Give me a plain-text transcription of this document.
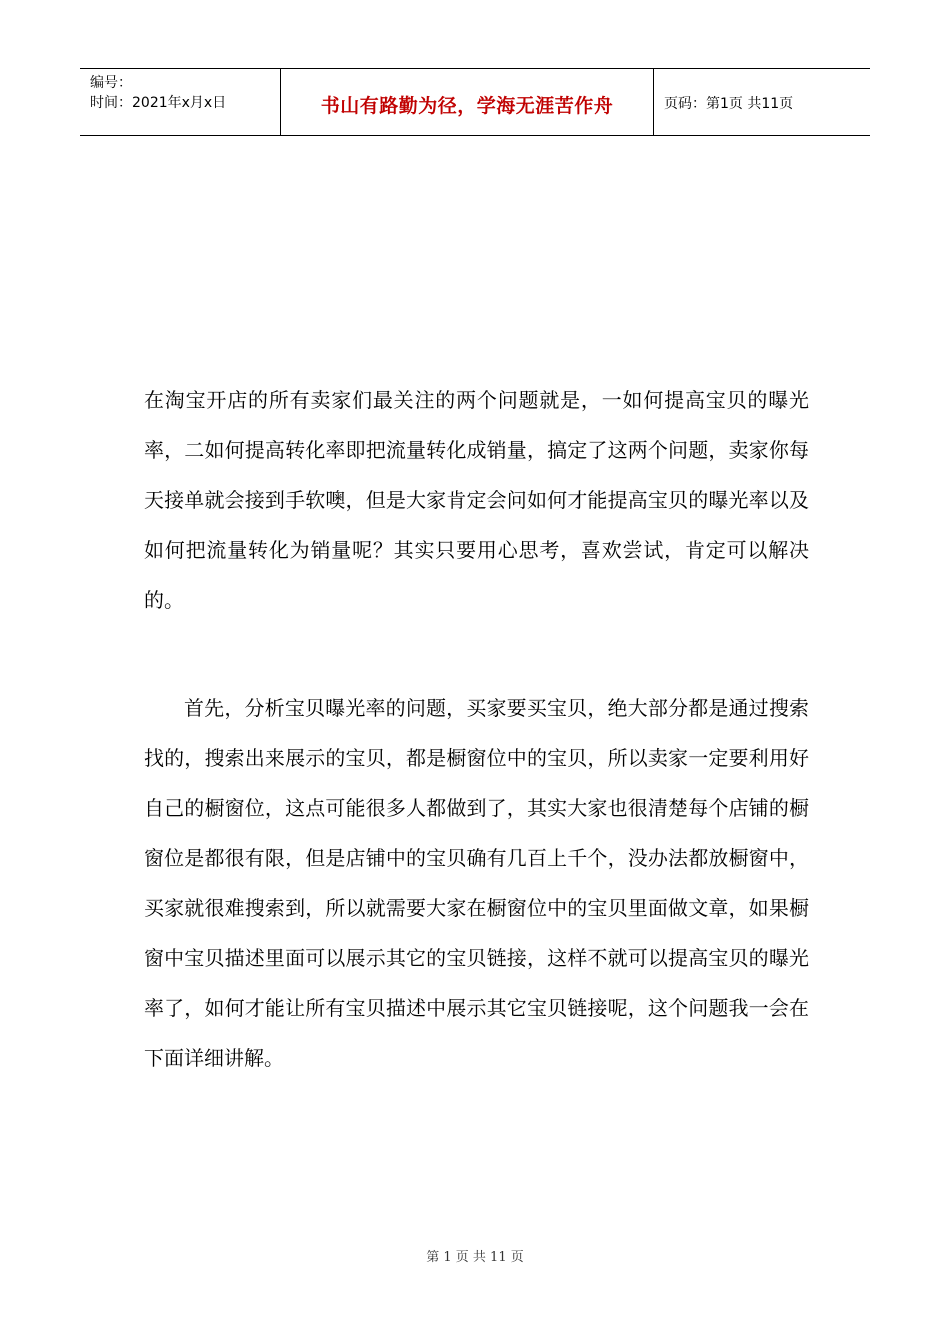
编号：
时间：2021年x月x日	书山有路勤为径，学海无涯苦作舟	页码：第1页 共11页

在淘宝开店的所有卖家们最关注的两个问题就是，一如何提高宝贝的曝光率，二如何提高转化率即把流量转化成销量，搞定了这两个问题，卖家你每天接单就会接到手软噢，但是大家肯定会问如何才能提高宝贝的曝光率以及如何把流量转化为销量呢？其实只要用心思考，喜欢尝试，肯定可以解决的。

首先，分析宝贝曝光率的问题，买家要买宝贝，绝大部分都是通过搜索找的，搜索出来展示的宝贝，都是橱窗位中的宝贝，所以卖家一定要利用好自己的橱窗位，这点可能很多人都做到了，其实大家也很清楚每个店铺的橱窗位是都很有限，但是店铺中的宝贝确有几百上千个，没办法都放橱窗中，买家就很难搜索到，所以就需要大家在橱窗位中的宝贝里面做文章，如果橱窗中宝贝描述里面可以展示其它的宝贝链接，这样不就可以提高宝贝的曝光率了，如何才能让所有宝贝描述中展示其它宝贝链接呢，这个问题我一会在下面详细讲解。

第 1 页 共 11 页
